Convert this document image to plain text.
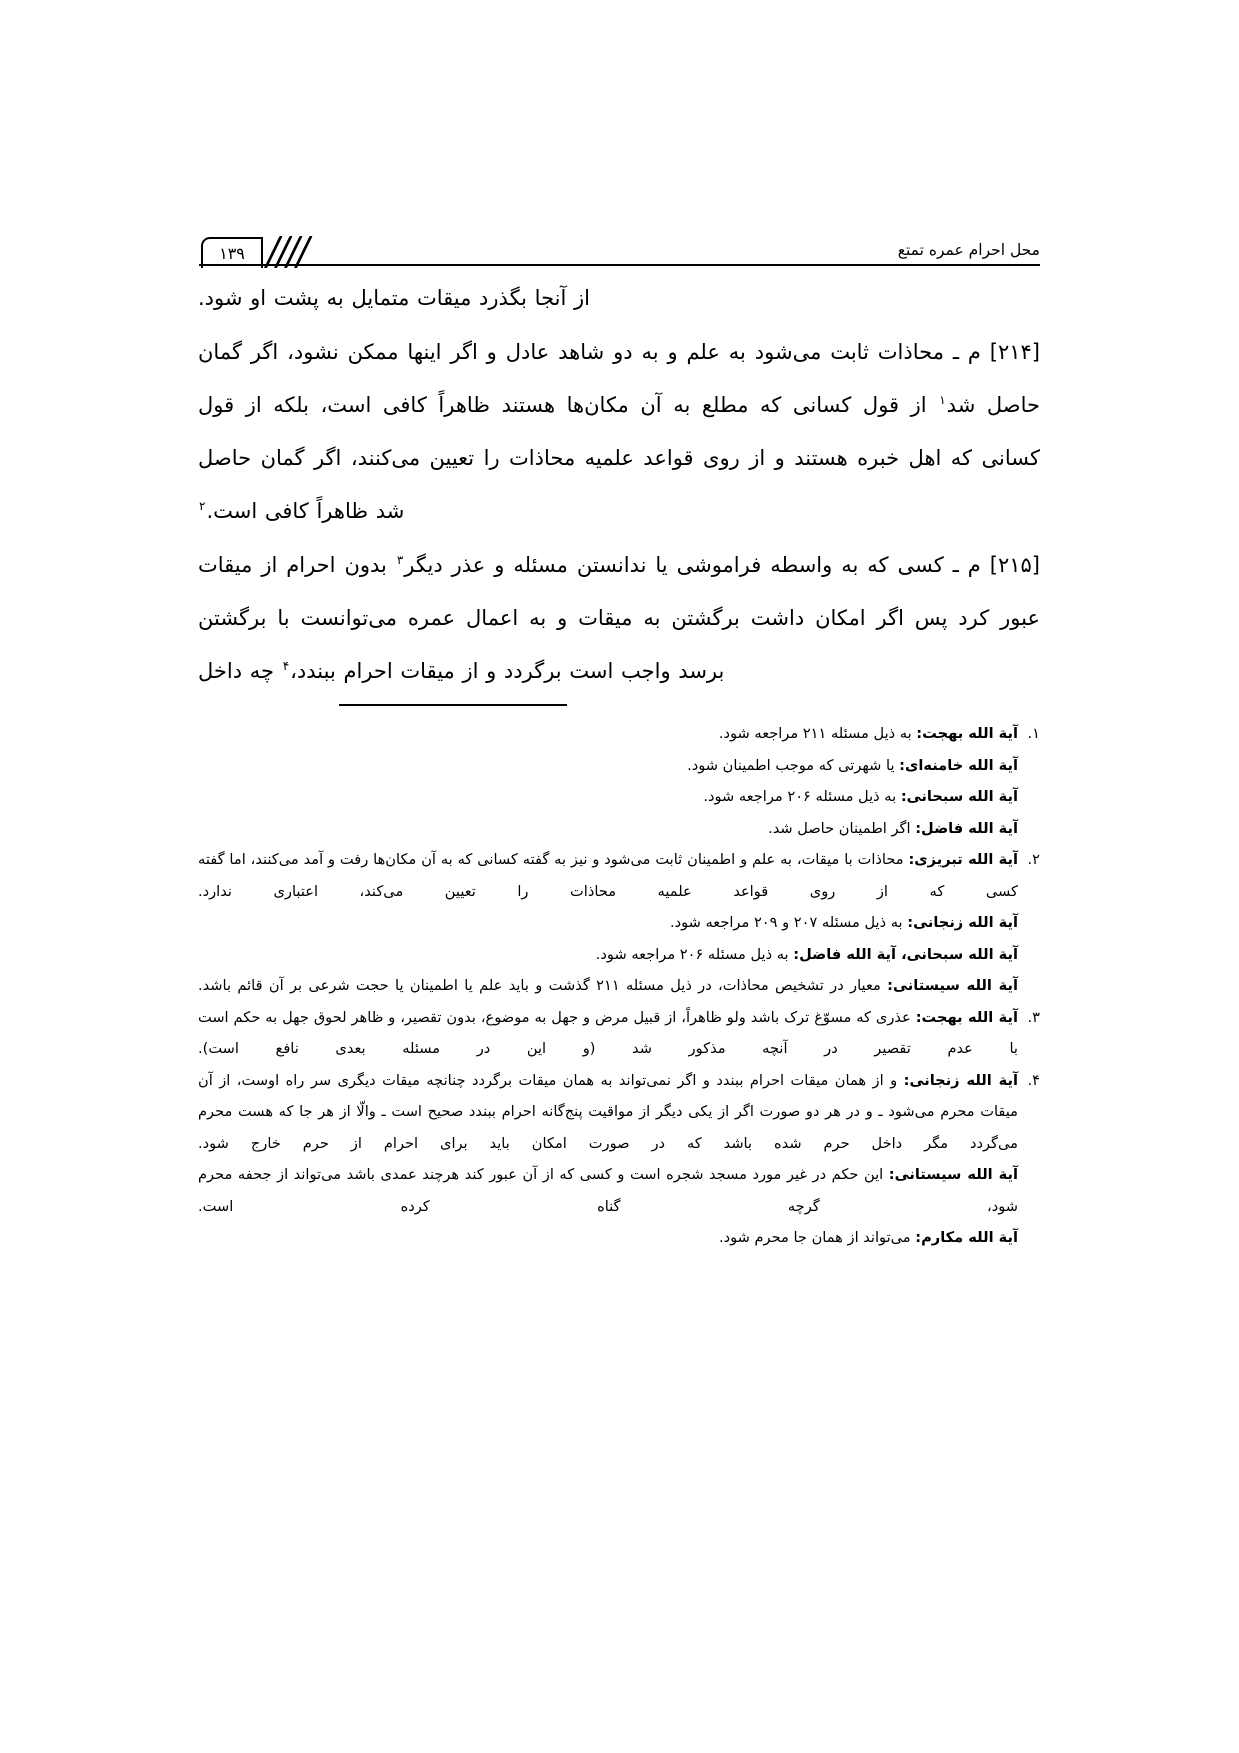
محل احرام عمره تمتع
۱۳۹

از آنجا بگذرد میقات متمایل به پشت او شود.

[۲۱۴] م ـ محاذات ثابت می‌شود به علم و به دو شاهد عادل و اگر اینها ممکن نشود، اگر گمان حاصل شد$^۱$ از قول کسانی که مطلع به آن مکان‌ها هستند ظاهراً کافی است، بلکه از قول کسانی که اهل خبره هستند و از روی قواعد علمیه محاذات را تعیین می‌کنند، اگر گمان حاصل شد ظاهراً کافی است.$^۲$

[۲۱۵] م ـ کسی که به واسطه فراموشی یا ندانستن مسئله و عذر دیگر$^۳$ بدون احرام از میقات عبور کرد پس اگر امکان داشت برگشتن به میقات و به اعمال عمره می‌توانست با برگشتن برسد واجب است برگردد و از میقات احرام ببندد،$^۴$ چه داخل

۱.
آیة الله بهجت: به ذیل مسئله ۲۱۱ مراجعه شود.
آیة الله خامنه‌ای: یا شهرتی که موجب اطمینان شود.
آیة الله سبحانی: به ذیل مسئله ۲۰۶ مراجعه شود.
آیة الله فاضل: اگر اطمینان حاصل شد.
۲.
آیة الله تبریزی: محاذات با میقات، به علم و اطمینان ثابت می‌شود و نیز به گفته کسانی که به آن مکان‌ها رفت و آمد می‌کنند، اما گفته کسی که از روی قواعد علمیه محاذات را تعیین می‌کند، اعتباری ندارد.
آیة الله زنجانی: به ذیل مسئله ۲۰۷ و ۲۰۹ مراجعه شود.
آیة الله سبحانی، آیة الله فاضل: به ذیل مسئله ۲۰۶ مراجعه شود.
آیة الله سیستانی: معیار در تشخیص محاذات، در ذیل مسئله ۲۱۱ گذشت و باید علم یا اطمینان یا حجت شرعی بر آن قائم باشد.
۳.
آیة الله بهجت: عذری که مسوّغ ترک باشد ولو ظاهراً، از قبیل مرض و جهل به موضوع، بدون تقصیر، و ظاهر لحوق جهل به حکم است با عدم تقصیر در آنچه مذکور شد (و این در مسئله بعدی نافع است).
۴.
آیة الله زنجانی: و از همان میقات احرام ببندد و اگر نمی‌تواند به همان میقات برگردد چنانچه میقات دیگری سر راه اوست، از آن میقات محرم می‌شود ـ و در هر دو صورت اگر از یکی دیگر از مواقیت پنج‌گانه احرام ببندد صحیح است ـ والّا از هر جا که هست محرم می‌گردد مگر داخل حرم شده باشد که در صورت امکان باید برای احرام از حرم خارج شود.
آیة الله سیستانی: این حکم در غیر مورد مسجد شجره است و کسی که از آن عبور کند هرچند عمدی باشد می‌تواند از جحفه محرم شود، گرچه گناه کرده است.
آیة الله مکارم: می‌تواند از همان جا محرم شود.
